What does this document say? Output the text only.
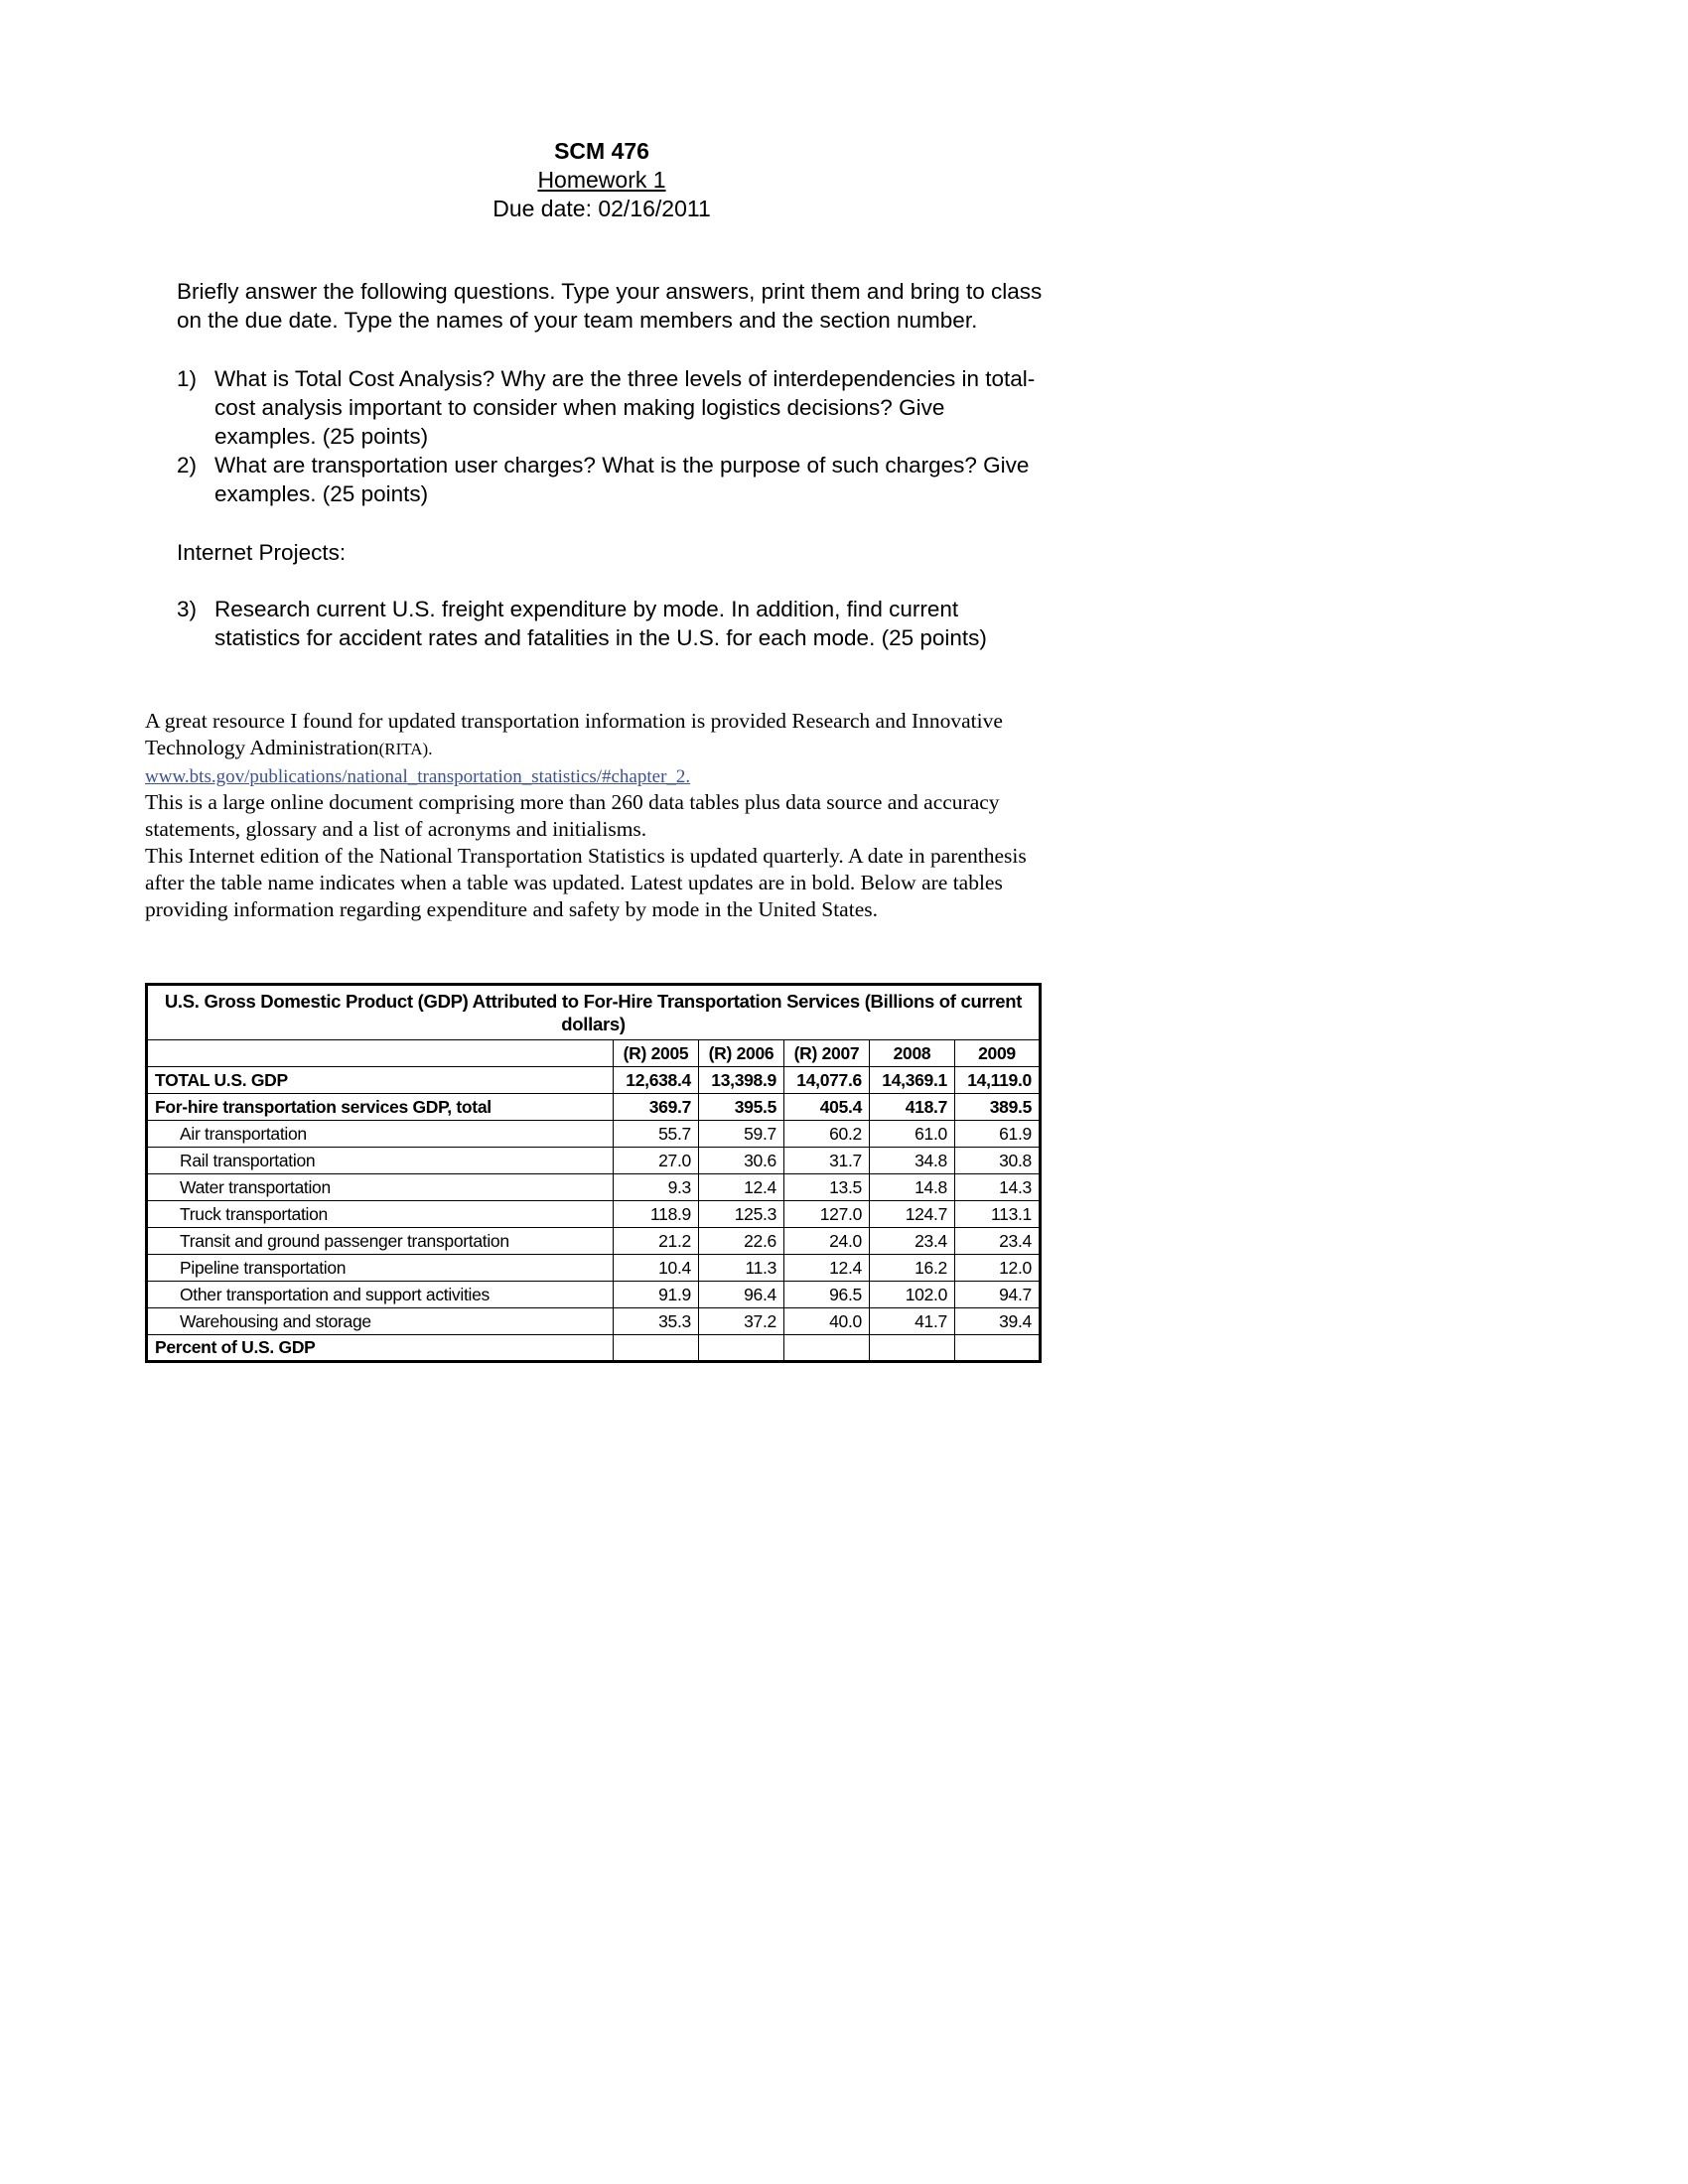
SCM 476
Homework 1
Due date: 02/16/2011

Briefly answer the following questions. Type your answers, print them and bring to class on the due date. Type the names of your team members and the section number.

1) What is Total Cost Analysis? Why are the three levels of interdependencies in total-cost analysis important to consider when making logistics decisions? Give examples. (25 points)
2) What are transportation user charges? What is the purpose of such charges? Give examples. (25 points)

Internet Projects:

3) Research current U.S. freight expenditure by mode. In addition, find current statistics for accident rates and fatalities in the U.S. for each mode. (25 points)

A great resource I found for updated transportation information is provided Research and Innovative Technology Administration(RITA).

www.bts.gov/publications/national_transportation_statistics/#chapter_2.

This is a large online document comprising more than 260 data tables plus data source and accuracy statements, glossary and a list of acronyms and initialisms.

This Internet edition of the National Transportation Statistics is updated quarterly. A date in parenthesis after the table name indicates when a table was updated. Latest updates are in bold. Below are tables providing information regarding expenditure and safety by mode in the United States.

U.S. Gross Domestic Product (GDP) Attributed to For-Hire Transportation Services (Billions of current dollars)					
	(R) 2005	(R) 2006	(R) 2007	2008	2009
TOTAL U.S. GDP	12,638.4	13,398.9	14,077.6	14,369.1	14,119.0
For-hire transportation services GDP, total	369.7	395.5	405.4	418.7	389.5
Air transportation	55.7	59.7	60.2	61.0	61.9
Rail transportation	27.0	30.6	31.7	34.8	30.8
Water transportation	9.3	12.4	13.5	14.8	14.3
Truck transportation	118.9	125.3	127.0	124.7	113.1
Transit and ground passenger transportation	21.2	22.6	24.0	23.4	23.4
Pipeline transportation	10.4	11.3	12.4	16.2	12.0
Other transportation and support activities	91.9	96.4	96.5	102.0	94.7
Warehousing and storage	35.3	37.2	40.0	41.7	39.4
Percent of U.S. GDP					
